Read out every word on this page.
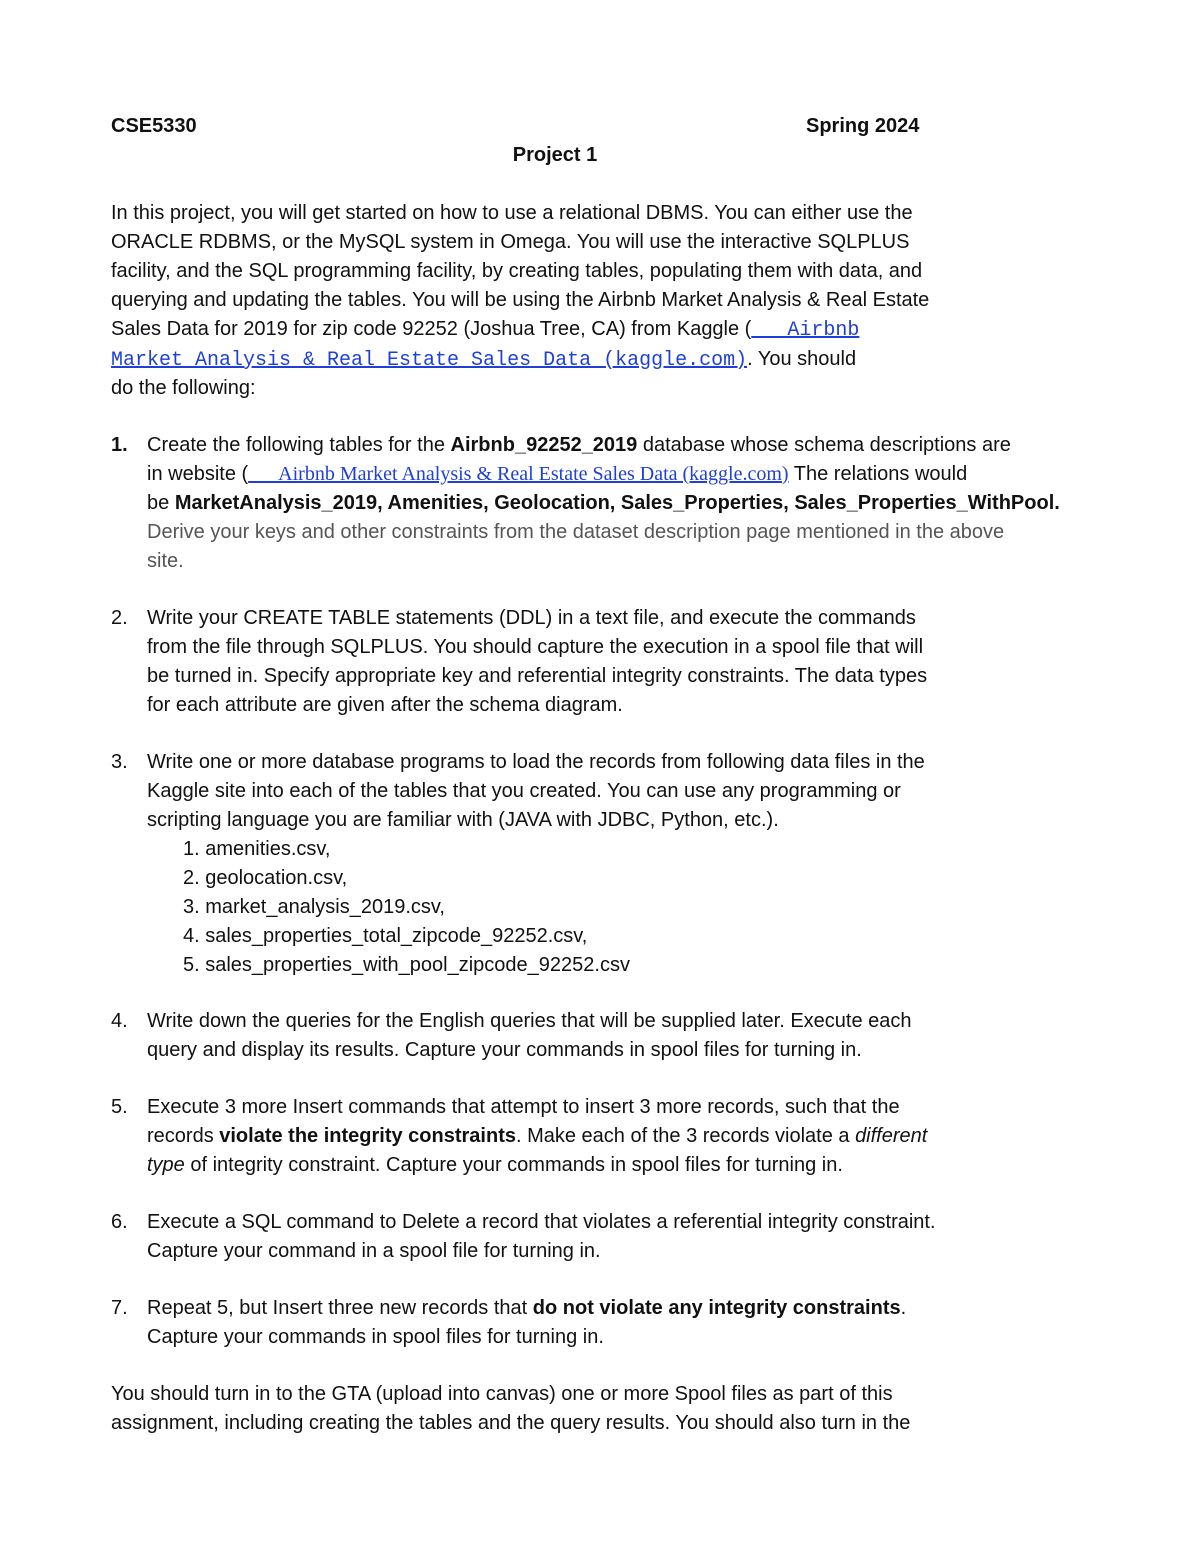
CSE5330	Spring 2024
Project 1
In this project, you will get started on how to use a relational DBMS. You can either use the
ORACLE RDBMS, or the MySQL system in Omega. You will use the interactive SQLPLUS
facility, and the SQL programming facility, by creating tables, populating them with data, and
querying and updating the tables. You will be using the Airbnb Market Analysis & Real Estate
Sales Data for 2019 for zip code 92252 (Joshua Tree, CA) from Kaggle (___Airbnb
Market Analysis & Real Estate Sales Data (kaggle.com). You should
do the following:
1. Create the following tables for the Airbnb_92252_2019 database whose schema descriptions are
in website (___Airbnb Market Analysis & Real Estate Sales Data (kaggle.com) The relations would
be MarketAnalysis_2019, Amenities, Geolocation, Sales_Properties, Sales_Properties_WithPool.
Derive your keys and other constraints from the dataset description page mentioned in the above
site.
2. Write your CREATE TABLE statements (DDL) in a text file, and execute the commands
from the file through SQLPLUS. You should capture the execution in a spool file that will
be turned in. Specify appropriate key and referential integrity constraints. The data types
for each attribute are given after the schema diagram.
3. Write one or more database programs to load the records from following data files in the
Kaggle site into each of the tables that you created. You can use any programming or
scripting language you are familiar with (JAVA with JDBC, Python, etc.).
1. amenities.csv,
2. geolocation.csv,
3. market_analysis_2019.csv,
4. sales_properties_total_zipcode_92252.csv,
5. sales_properties_with_pool_zipcode_92252.csv
4. Write down the queries for the English queries that will be supplied later. Execute each
query and display its results. Capture your commands in spool files for turning in.
5. Execute 3 more Insert commands that attempt to insert 3 more records, such that the
records violate the integrity constraints. Make each of the 3 records violate a different
type of integrity constraint. Capture your commands in spool files for turning in.
6. Execute a SQL command to Delete a record that violates a referential integrity constraint.
Capture your command in a spool file for turning in.
7. Repeat 5, but Insert three new records that do not violate any integrity constraints.
Capture your commands in spool files for turning in.
You should turn in to the GTA (upload into canvas) one or more Spool files as part of this
assignment, including creating the tables and the query results. You should also turn in the
